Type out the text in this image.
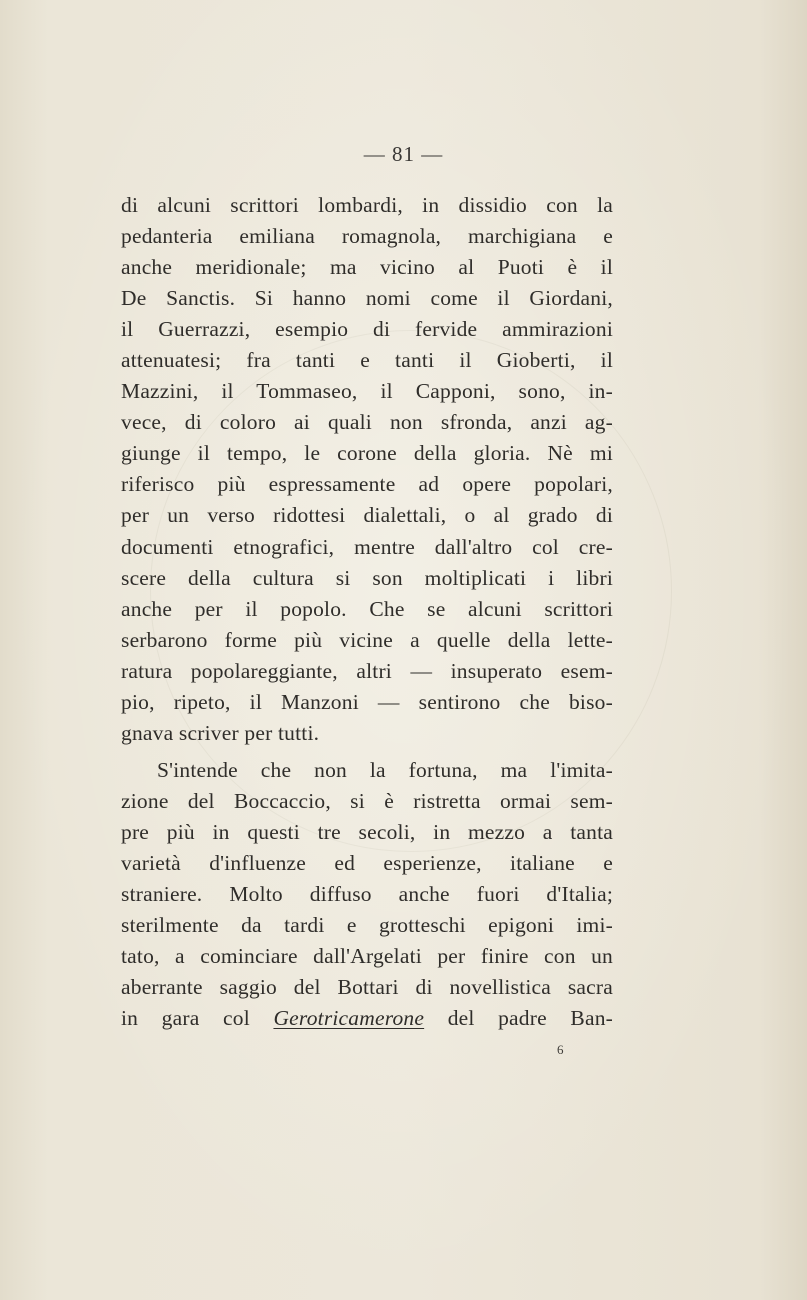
— 81 —
di alcuni scrittori lombardi, in dissidio con la
pedanteria emiliana romagnola, marchigiana e
anche meridionale; ma vicino al Puoti è il
De Sanctis. Si hanno nomi come il Giordani,
il Guerrazzi, esempio di fervide ammirazioni
attenuatesi; fra tanti e tanti il Gioberti, il
Mazzini, il Tommaseo, il Capponi, sono, in-
vece, di coloro ai quali non sfronda, anzi ag-
giunge il tempo, le corone della gloria. Nè mi
riferisco più espressamente ad opere popolari,
per un verso ridottesi dialettali, o al grado di
documenti etnografici, mentre dall'altro col cre-
scere della cultura si son moltiplicati i libri
anche per il popolo. Che se alcuni scrittori
serbarono forme più vicine a quelle della lette-
ratura popolareggiante, altri — insuperato esem-
pio, ripeto, il Manzoni — sentirono che biso-
gnava scriver per tutti.
S'intende che non la fortuna, ma l'imita-
zione del Boccaccio, si è ristretta ormai sem-
pre più in questi tre secoli, in mezzo a tanta
varietà d'influenze ed esperienze, italiane e
straniere. Molto diffuso anche fuori d'Italia;
sterilmente da tardi e grotteschi epigoni imi-
tato, a cominciare dall'Argelati per finire con un
aberrante saggio del Bottari di novellistica sacra
in gara col Gerotricamerone del padre Ban-
6
